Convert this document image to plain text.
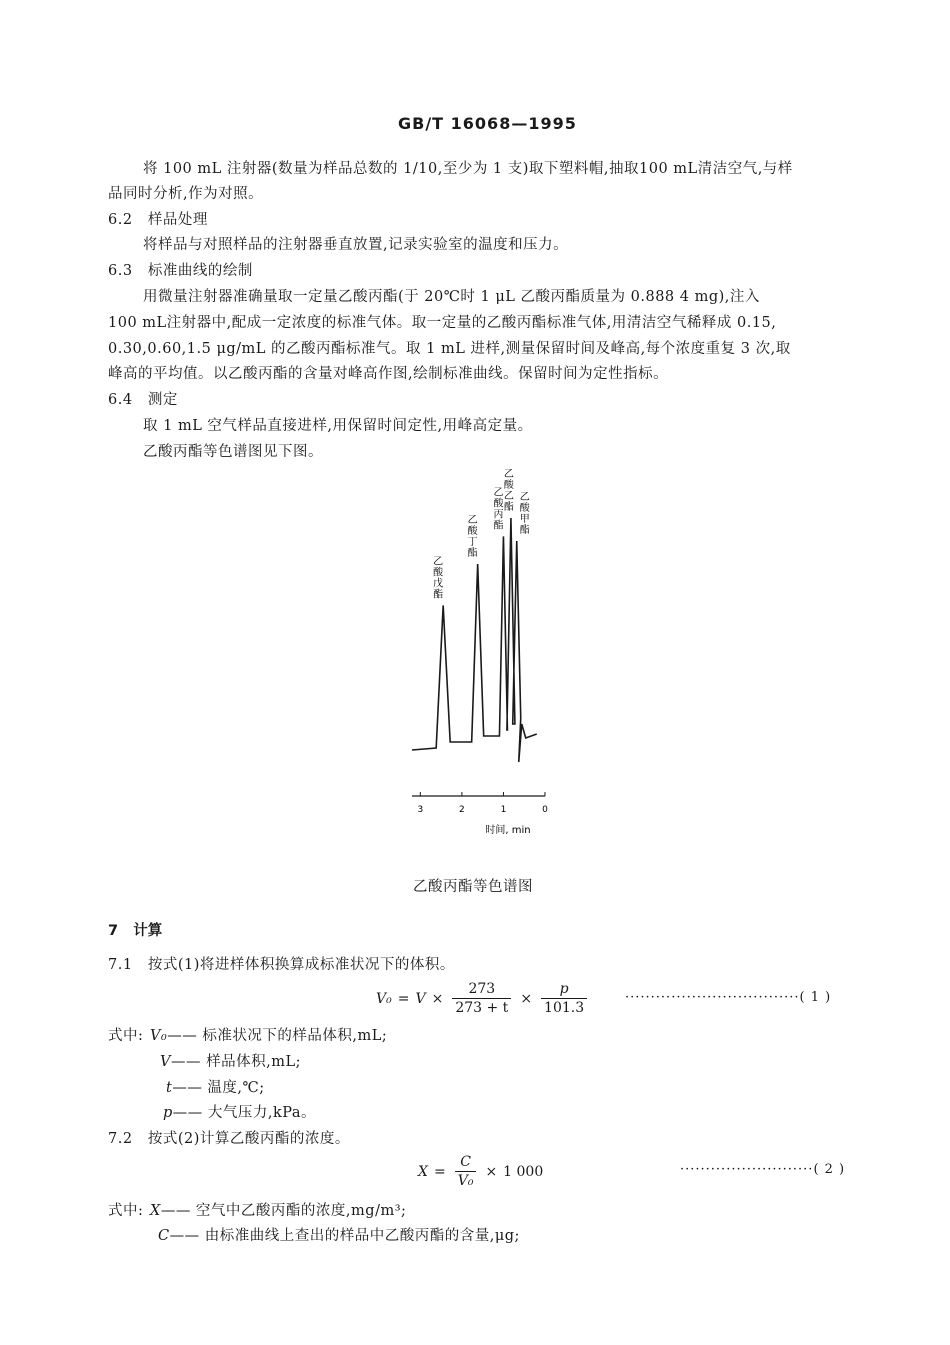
GB/T 16068—1995
将 100 mL 注射器(数量为样品总数的 1/10,至少为 1 支)取下塑料帽,抽取100 mL清洁空气,与样
品同时分析,作为对照。
6.2 样品处理
将样品与对照样品的注射器垂直放置,记录实验室的温度和压力。
6.3 标准曲线的绘制
用微量注射器准确量取一定量乙酸丙酯(于 20℃时 1 μL 乙酸丙酯质量为 0.888 4 mg),注入
100 mL注射器中,配成一定浓度的标准气体。取一定量的乙酸丙酯标准气体,用清洁空气稀释成 0.15,
0.30,0.60,1.5 μg/mL 的乙酸丙酯标准气。取 1 mL 进样,测量保留时间及峰高,每个浓度重复 3 次,取
峰高的平均值。以乙酸丙酯的含量对峰高作图,绘制标准曲线。保留时间为定性指标。
6.4 测定
取 1 mL 空气样品直接进样,用保留时间定性,用峰高定量。
乙酸丙酯等色谱图见下图。
乙酸戊酯
乙酸丁酯
乙酸丙酯
乙酸乙酯
乙酸甲酯
3	2	1	0
时间, min
乙酸丙酯等色谱图
7 计算
7.1 按式(1)将进样体积换算成标准状况下的体积。
$V_0 = V \times \frac{273}{273 + t} \times \frac{p}{101.3}$	··································( 1 )
式中: V₀—— 标准状况下的样品体积,mL;
V—— 样品体积,mL;
t—— 温度,℃;
p—— 大气压力,kPa。
7.2 按式(2)计算乙酸丙酯的浓度。
$X = \frac{C}{\text{V₀}} \times 1$ 000	··························( 2 )
式中: X—— 空气中乙酸丙酯的浓度,mg/m³;
C—— 由标准曲线上查出的样品中乙酸丙酯的含量,μg;
